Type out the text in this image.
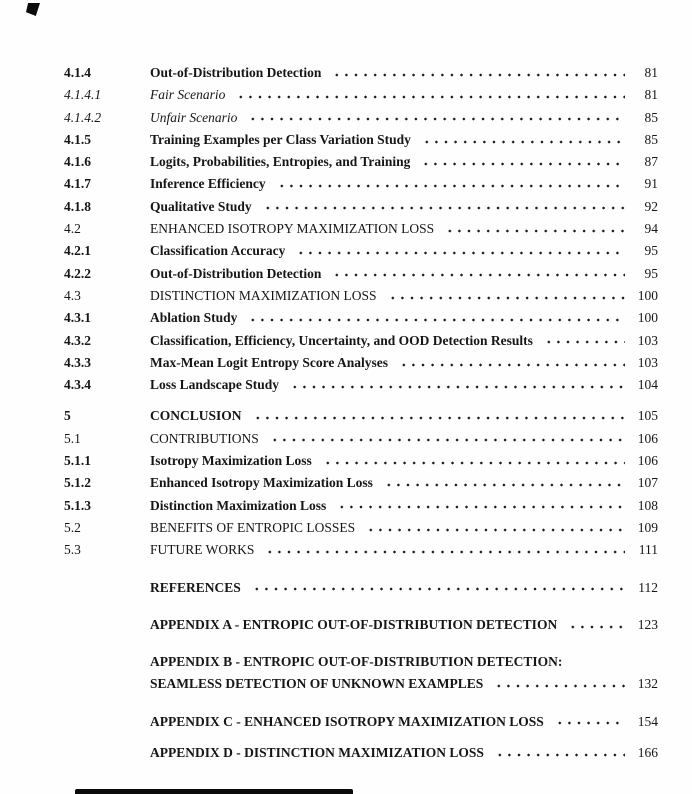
4.1.4	Out-of-Distribution Detection	81
4.1.4.1	Fair Scenario	81
4.1.4.2	Unfair Scenario	85
4.1.5	Training Examples per Class Variation Study	85
4.1.6	Logits, Probabilities, Entropies, and Training	87
4.1.7	Inference Efficiency	91
4.1.8	Qualitative Study	92
4.2	ENHANCED ISOTROPY MAXIMIZATION LOSS	94
4.2.1	Classification Accuracy	95
4.2.2	Out-of-Distribution Detection	95
4.3	DISTINCTION MAXIMIZATION LOSS	100
4.3.1	Ablation Study	100
4.3.2	Classification, Efficiency, Uncertainty, and OOD Detection Results	103
4.3.3	Max-Mean Logit Entropy Score Analyses	103
4.3.4	Loss Landscape Study	104
5	CONCLUSION	105
5.1	CONTRIBUTIONS	106
5.1.1	Isotropy Maximization Loss	106
5.1.2	Enhanced Isotropy Maximization Loss	107
5.1.3	Distinction Maximization Loss	108
5.2	BENEFITS OF ENTROPIC LOSSES	109
5.3	FUTURE WORKS	111
REFERENCES	112
APPENDIX A - ENTROPIC OUT-OF-DISTRIBUTION DETECTION	123
APPENDIX B - ENTROPIC OUT-OF-DISTRIBUTION DETECTION:
SEAMLESS DETECTION OF UNKNOWN EXAMPLES	132
APPENDIX C - ENHANCED ISOTROPY MAXIMIZATION LOSS	154
APPENDIX D - DISTINCTION MAXIMIZATION LOSS	166
